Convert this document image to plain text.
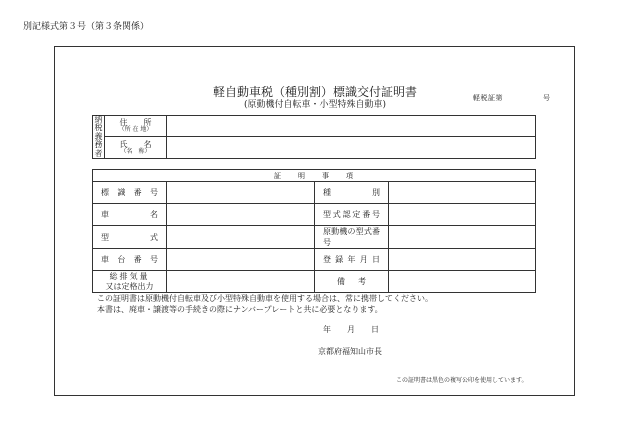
別記様式第３号（第３条関係）
軽自動車税（種別割）標識交付証明書
(原動機付自転車・小型特殊自動車)
軽税証第	号
納
税
義
務
者	住　　所
（所 在 地）	

	氏　　名
（名　称）	

証　　明　　事　　項			
標識番号		種別	
車名		型式認定番号	
型式		原動機の型式番号	
車台番号		登録年月日	

総排気量
又は定格出力		備考	
この証明書は原動機付自転車及び小型特殊自動車を使用する場合は、常に携帯してください。
本書は、廃車・譲渡等の手続きの際にナンバープレートと共に必要となります。
年 月 日
京都府福知山市長
この証明書は黒色の複写公印を使用しています。
